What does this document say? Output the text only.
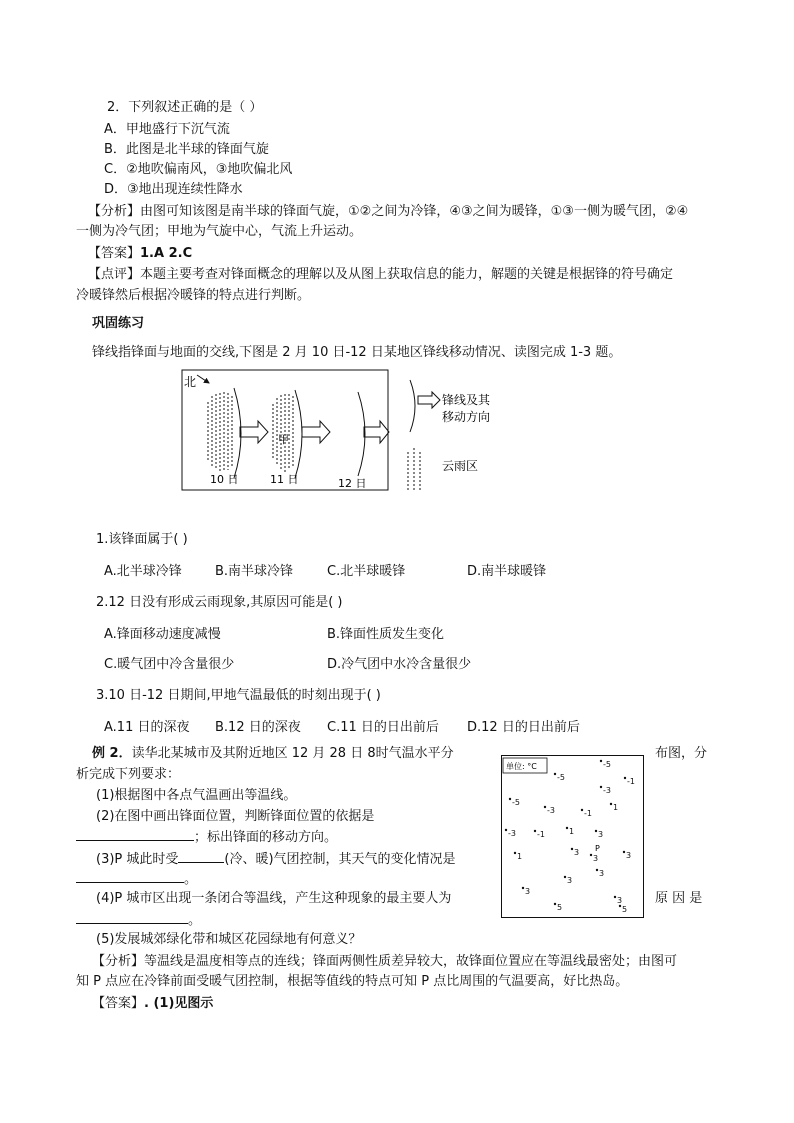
2．下列叙述正确的是（ ）
A．甲地盛行下沉气流
B．此图是北半球的锋面气旋
C．②地吹偏南风，③地吹偏北风
D．③地出现连续性降水
【分析】由图可知该图是南半球的锋面气旋，①②之间为冷锋，④③之间为暖锋，①③一侧为暖气团，②④
一侧为冷气团；甲地为气旋中心，气流上升运动。
【答案】1.A 2.C
【点评】本题主要考查对锋面概念的理解以及从图上获取信息的能力，解题的关键是根据锋的符号确定
冷暖锋然后根据冷暖锋的特点进行判断。
巩固练习
锋线指锋面与地面的交线,下图是 2 月 10 日-12 日某地区锋线移动情况、读图完成 1-3 题。
北
甲
10 日	11 日	12 日
锋线及其
移动方向
云雨区
1.该锋面属于( )
A.北半球冷锋	B.南半球冷锋	C.北半球暖锋	D.南半球暖锋
2.12 日没有形成云雨现象,其原因可能是( )
A.锋面移动速度减慢	B.锋面性质发生变化
C.暖气团中冷含量很少	D.冷气团中水冷含量很少
3.10 日-12 日期间,甲地气温最低的时刻出现于( )
A.11 日的深夜 B.12 日的深夜 C.11 日的日出前后 D.12 日的日出前后
例 2．读华北某城市及其附近地区 12 月 28 日 8时气温水平分	布图，分
析完成下列要求：
(1)根据图中各点气温画出等温线。
(2)在图中画出锋面位置，判断锋面位置的依据是
；标出锋面的移动方向。
(3)P 城此时受	(冷、暖)气团控制，其天气的变化情况是
。
(4)P 城市区出现一条闭合等温线，产生这种现象的最主要人为	原 因 是
。
(5)发展城郊绿化带和城区花园绿地有何意义？
单位: °C	-5
-5	-1
-3
-5
-3	-1
1
-3	-1	1	3
3
1	3	3
3
3
3
3
5	5
P
【分析】等温线是温度相等点的连线；锋面两侧性质差异较大，故锋面位置应在等温线最密处；由图可
知 P 点应在冷锋前面受暖气团控制，根据等值线的特点可知 P 点比周围的气温要高，好比热岛。
【答案】. (1)见图示
